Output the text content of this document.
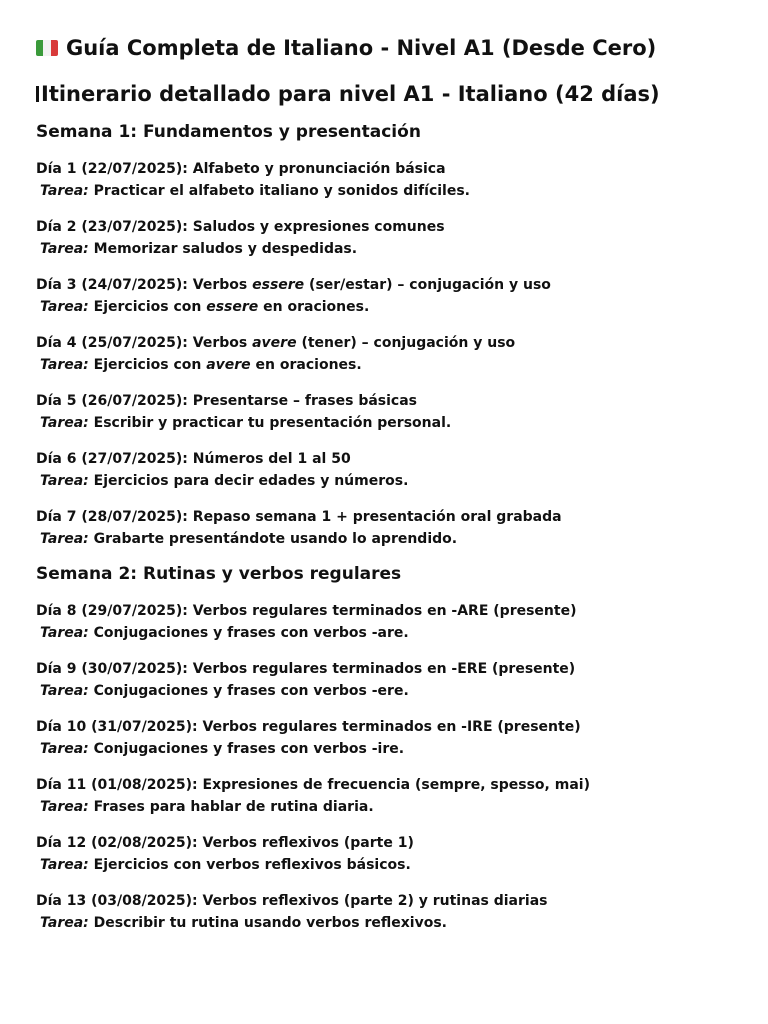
Guía Completa de Italiano - Nivel A1 (Desde Cero)
Itinerario detallado para nivel A1 - Italiano (42 días)
Semana 1: Fundamentos y presentación
Día 1 (22/07/2025): Alfabeto y pronunciación básica
Tarea: Practicar el alfabeto italiano y sonidos difíciles.
Día 2 (23/07/2025): Saludos y expresiones comunes
Tarea: Memorizar saludos y despedidas.
Día 3 (24/07/2025): Verbos essere (ser/estar) – conjugación y uso
Tarea: Ejercicios con essere en oraciones.
Día 4 (25/07/2025): Verbos avere (tener) – conjugación y uso
Tarea: Ejercicios con avere en oraciones.
Día 5 (26/07/2025): Presentarse – frases básicas
Tarea: Escribir y practicar tu presentación personal.
Día 6 (27/07/2025): Números del 1 al 50
Tarea: Ejercicios para decir edades y números.
Día 7 (28/07/2025): Repaso semana 1 + presentación oral grabada
Tarea: Grabarte presentándote usando lo aprendido.
Semana 2: Rutinas y verbos regulares
Día 8 (29/07/2025): Verbos regulares terminados en -ARE (presente)
Tarea: Conjugaciones y frases con verbos -are.
Día 9 (30/07/2025): Verbos regulares terminados en -ERE (presente)
Tarea: Conjugaciones y frases con verbos -ere.
Día 10 (31/07/2025): Verbos regulares terminados en -IRE (presente)
Tarea: Conjugaciones y frases con verbos -ire.
Día 11 (01/08/2025): Expresiones de frecuencia (sempre, spesso, mai)
Tarea: Frases para hablar de rutina diaria.
Día 12 (02/08/2025): Verbos reflexivos (parte 1)
Tarea: Ejercicios con verbos reflexivos básicos.
Día 13 (03/08/2025): Verbos reflexivos (parte 2) y rutinas diarias
Tarea: Describir tu rutina usando verbos reflexivos.
